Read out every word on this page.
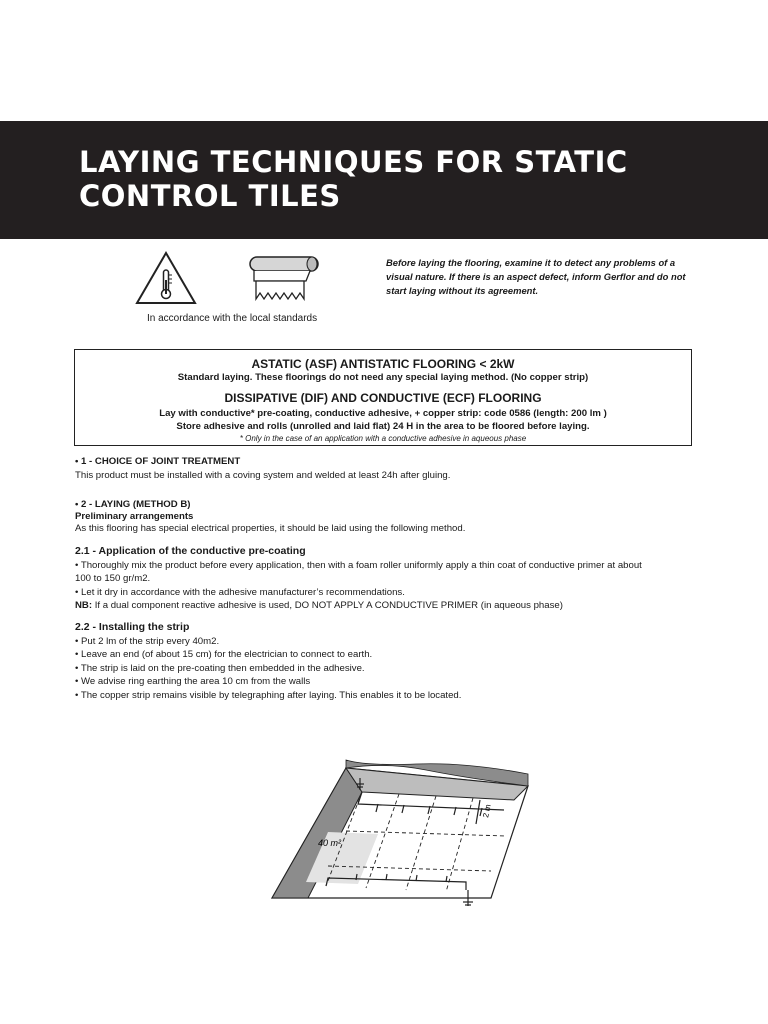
LAYING TECHNIQUES FOR STATIC CONTROL TILES
In accordance with the local standards
Before laying the flooring, examine it to detect any problems of a visual nature. If there is an aspect defect, inform Gerflor and do not start laying without its agreement.
ASTATIC (ASF) ANTISTATIC FLOORING < 2kW
Standard laying. These floorings do not need any special laying method. (No copper strip)
DISSIPATIVE (DIF) AND CONDUCTIVE (ECF) FLOORING
Lay with conductive* pre-coating, conductive adhesive, + copper strip: code 0586 (length: 200 lm )
Store adhesive and rolls (unrolled and laid flat) 24 H in the area to be floored before laying.
* Only in the case of an application with a conductive adhesive in aqueous phase
• 1 - CHOICE OF JOINT TREATMENT
This product must be installed with a coving system and welded at least 24h after gluing.
• 2 - LAYING (METHOD B)
Preliminary arrangements
As this flooring has special electrical properties, it should be laid using the following method.
2.1 - Application of the conductive pre-coating
• Thoroughly mix the product before every application, then with a foam roller uniformly apply a thin coat of conductive primer at about
100 to 150 gr/m2.
• Let it dry in accordance with the adhesive manufacturer’s recommendations.
NB: If a dual component reactive adhesive is used, DO NOT APPLY A CONDUCTIVE PRIMER (in aqueous phase)
2.2 - Installing the strip
• Put 2 lm of the strip every 40m2.
• Leave an end (of about 15 cm) for the electrician to connect to earth.
• The strip is laid on the pre-coating then embedded in the adhesive.
• We advise ring earthing the area 10 cm from the walls
• The copper strip remains visible by telegraphing after laying. This enables it to be located.
40 m²
2 m
